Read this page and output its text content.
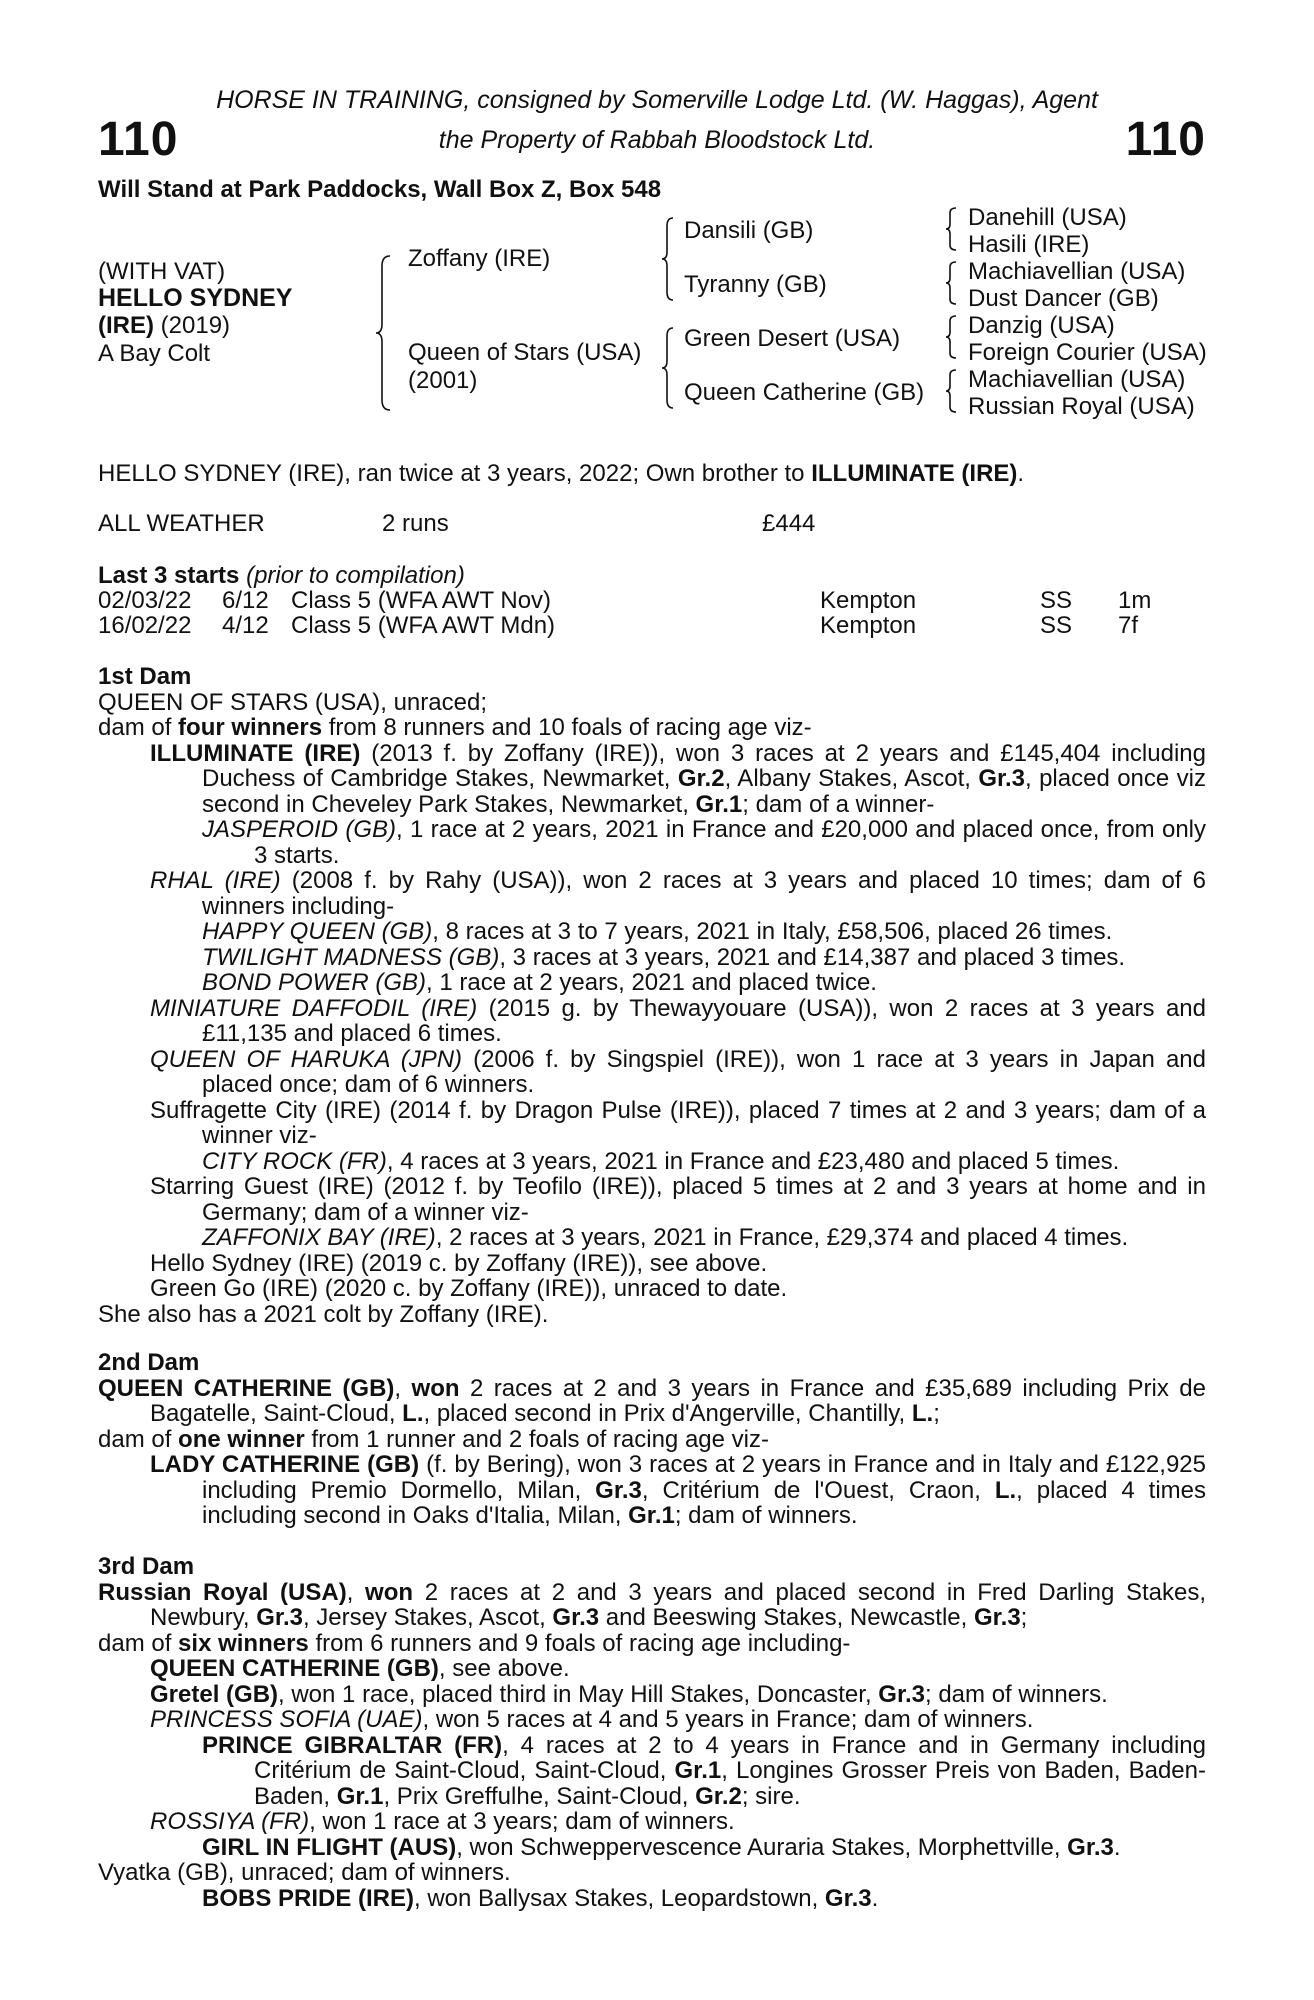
HORSE IN TRAINING, consigned by Somerville Lodge Ltd. (W. Haggas), Agent
110	the Property of Rabbah Bloodstock Ltd.	110
Will Stand at Park Paddocks, Wall Box Z, Box 548
(WITH VAT)
HELLO SYDNEY
(IRE) (2019)
A Bay Colt
Zoffany (IRE)
Queen of Stars (USA)
(2001)
Dansili (GB)
Tyranny (GB)
Green Desert (USA)
Queen Catherine (GB)
Danehill (USA)
Hasili (IRE)
Machiavellian (USA)
Dust Dancer (GB)
Danzig (USA)
Foreign Courier (USA)
Machiavellian (USA)
Russian Royal (USA)
HELLO SYDNEY (IRE), ran twice at 3 years, 2022; Own brother to ILLUMINATE (IRE).
ALL WEATHER	2 runs	£444
Last 3 starts (prior to compilation)
02/03/22 6/12 Class 5 (WFA AWT Nov)	Kempton	SS 1m
16/02/22 4/12 Class 5 (WFA AWT Mdn)	Kempton	SS 7f
1st Dam

QUEEN OF STARS (USA), unraced;

dam of four winners from 8 runners and 10 foals of racing age viz-

ILLUMINATE (IRE) (2013 f. by Zoffany (IRE)), won 3 races at 2 years and £145,404 including Duchess of Cambridge Stakes, Newmarket, Gr.2, Albany Stakes, Ascot, Gr.3, placed once viz second in Cheveley Park Stakes, Newmarket, Gr.1; dam of a winner-

JASPEROID (GB), 1 race at 2 years, 2021 in France and £20,000 and placed once, from only 3 starts.

RHAL (IRE) (2008 f. by Rahy (USA)), won 2 races at 3 years and placed 10 times; dam of 6 winners including-

HAPPY QUEEN (GB), 8 races at 3 to 7 years, 2021 in Italy, £58,506, placed 26 times.

TWILIGHT MADNESS (GB), 3 races at 3 years, 2021 and £14,387 and placed 3 times.

BOND POWER (GB), 1 race at 2 years, 2021 and placed twice.

MINIATURE DAFFODIL (IRE) (2015 g. by Thewayyouare (USA)), won 2 races at 3 years and £11,135 and placed 6 times.

QUEEN OF HARUKA (JPN) (2006 f. by Singspiel (IRE)), won 1 race at 3 years in Japan and placed once; dam of 6 winners.

Suffragette City (IRE) (2014 f. by Dragon Pulse (IRE)), placed 7 times at 2 and 3 years; dam of a winner viz-

CITY ROCK (FR), 4 races at 3 years, 2021 in France and £23,480 and placed 5 times.

Starring Guest (IRE) (2012 f. by Teofilo (IRE)), placed 5 times at 2 and 3 years at home and in Germany; dam of a winner viz-

ZAFFONIX BAY (IRE), 2 races at 3 years, 2021 in France, £29,374 and placed 4 times.

Hello Sydney (IRE) (2019 c. by Zoffany (IRE)), see above.

Green Go (IRE) (2020 c. by Zoffany (IRE)), unraced to date.

She also has a 2021 colt by Zoffany (IRE).

2nd Dam

QUEEN CATHERINE (GB), won 2 races at 2 and 3 years in France and £35,689 including Prix de Bagatelle, Saint-Cloud, L., placed second in Prix d'Angerville, Chantilly, L.;

dam of one winner from 1 runner and 2 foals of racing age viz-

LADY CATHERINE (GB) (f. by Bering), won 3 races at 2 years in France and in Italy and £122,925 including Premio Dormello, Milan, Gr.3, Critérium de l'Ouest, Craon, L., placed 4 times including second in Oaks d'Italia, Milan, Gr.1; dam of winners.

3rd Dam

Russian Royal (USA), won 2 races at 2 and 3 years and placed second in Fred Darling Stakes, Newbury, Gr.3, Jersey Stakes, Ascot, Gr.3 and Beeswing Stakes, Newcastle, Gr.3;

dam of six winners from 6 runners and 9 foals of racing age including-

QUEEN CATHERINE (GB), see above.

Gretel (GB), won 1 race, placed third in May Hill Stakes, Doncaster, Gr.3; dam of winners.

PRINCESS SOFIA (UAE), won 5 races at 4 and 5 years in France; dam of winners.

PRINCE GIBRALTAR (FR), 4 races at 2 to 4 years in France and in Germany including Critérium de Saint-Cloud, Saint-Cloud, Gr.1, Longines Grosser Preis von Baden, Baden-Baden, Gr.1, Prix Greffulhe, Saint-Cloud, Gr.2; sire.

ROSSIYA (FR), won 1 race at 3 years; dam of winners.

GIRL IN FLIGHT (AUS), won Schweppervescence Auraria Stakes, Morphettville, Gr.3.

Vyatka (GB), unraced; dam of winners.

BOBS PRIDE (IRE), won Ballysax Stakes, Leopardstown, Gr.3.
